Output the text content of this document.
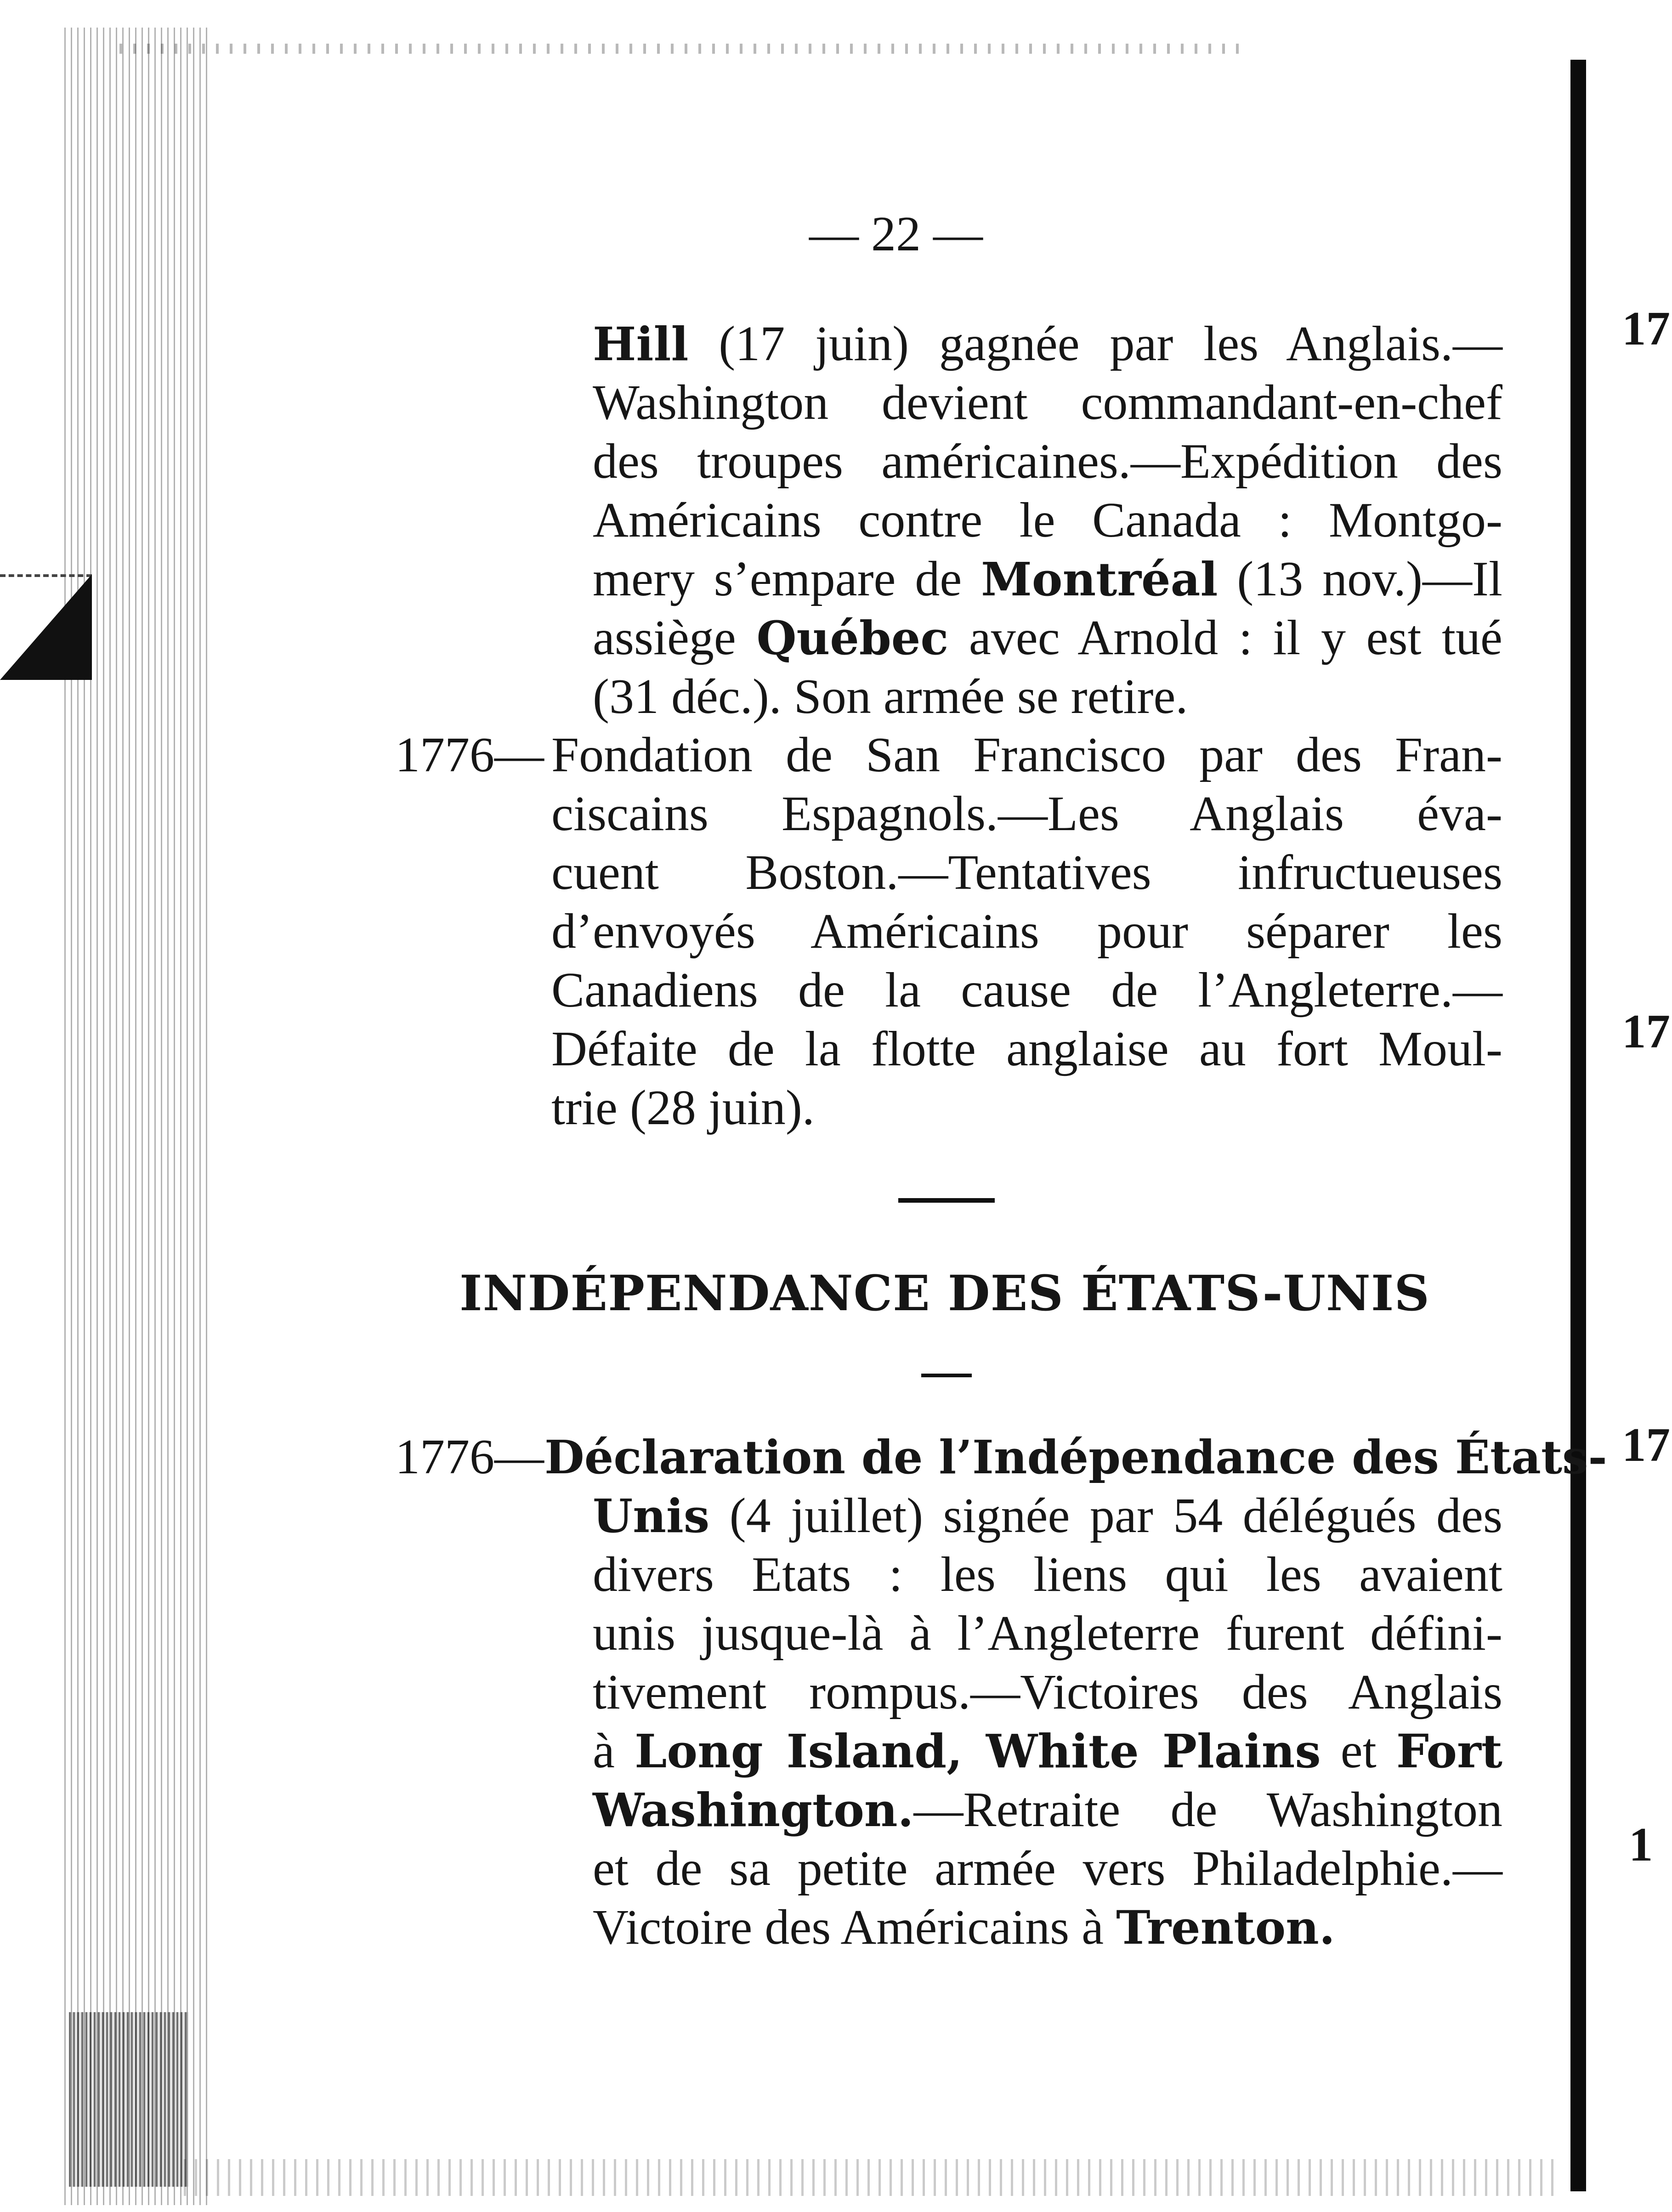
17
17
17
1
— 22 —
Hill (17 juin) gagnée par les Anglais.—
Washington devient commandant-en-chef
des troupes américaines.—Expédition des
Américains contre le Canada : Montgo-
mery s’empare de Montréal (13 nov.)—Il
assiège Québec avec Arnold : il y est tué
(31 déc.). Son armée se retire.
1776— Fondation de San Francisco par des Fran-
ciscains Espagnols.—Les Anglais éva-
cuent Boston.—Tentatives infructueuses
d’envoyés Américains pour séparer les
Canadiens de la cause de l’Angleterre.—
Défaite de la flotte anglaise au fort Moul-
trie (28 juin).
INDÉPENDANCE DES ÉTATS-UNIS
1776— Déclaration de l’Indépendance des États-
Unis (4 juillet) signée par 54 délégués des
divers Etats : les liens qui les avaient
unis jusque-là à l’Angleterre furent défini-
tivement rompus.—Victoires des Anglais
à Long Island, White Plains et Fort
Washington.—Retraite de Washington
et de sa petite armée vers Philadelphie.—
Victoire des Américains à Trenton.
